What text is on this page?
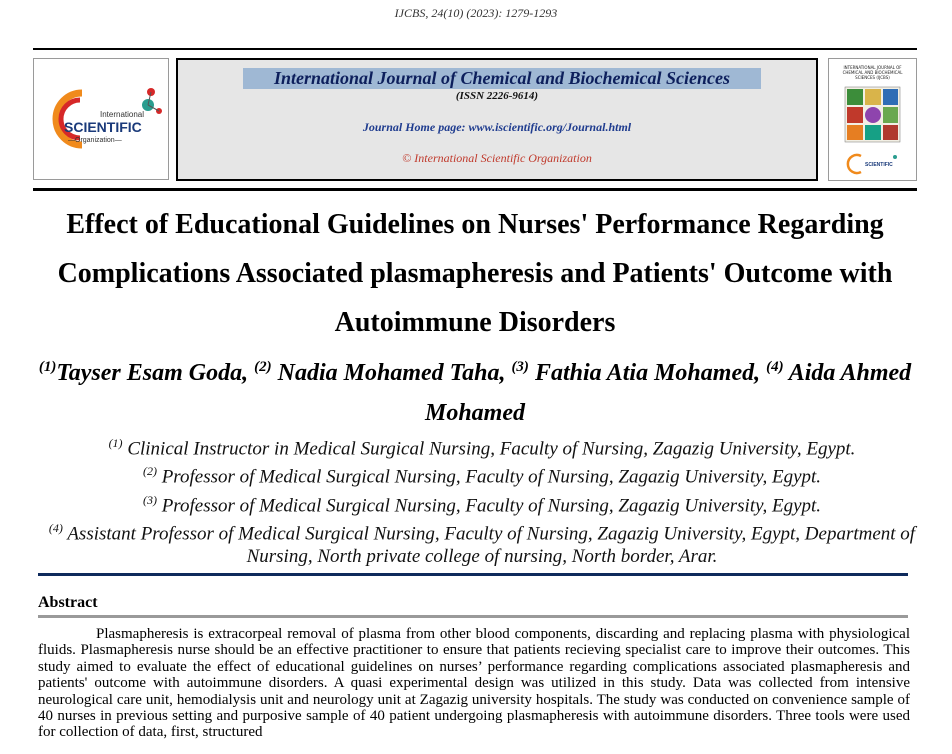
IJCBS, 24(10) (2023): 1279-1293
International
SCIENTIFIC
—Organization—
International Journal of Chemical and Biochemical Sciences
(ISSN 2226-9614)
Journal Home page: www.iscientific.org/Journal.html
© International Scientific Organization
INTERNATIONAL JOURNAL OF CHEMICAL AND BIOCHEMICAL SCIENCES (IJCBS)
SCIENTIFIC
Effect of Educational Guidelines on Nurses' Performance Regarding Complications Associated plasmapheresis and Patients' Outcome with Autoimmune Disorders
$^{(1)}$Tayser Esam Goda, $^{(2)}$ Nadia Mohamed Taha, $^{(3)}$ Fathia Atia Mohamed, $^{(4)}$ Aida Ahmed Mohamed
$^{(1)}$ Clinical Instructor in Medical Surgical Nursing, Faculty of Nursing, Zagazig University, Egypt.
$^{(2)}$ Professor of Medical Surgical Nursing, Faculty of Nursing, Zagazig University, Egypt.
$^{(3)}$ Professor of Medical Surgical Nursing, Faculty of Nursing, Zagazig University, Egypt.
$^{(4)}$ Assistant Professor of Medical Surgical Nursing, Faculty of Nursing, Zagazig University, Egypt, Department of Nursing, North private college of nursing, North border, Arar.
Abstract
Plasmapheresis is extracorpeal removal of plasma from other blood components, discarding and replacing plasma with physiological fluids. Plasmapheresis nurse should be an effective practitioner to ensure that patients recieving specialist care to improve their outcomes. This study aimed to evaluate the effect of educational guidelines on nurses’ performance regarding complications associated plasmapheresis and patients' outcome with autoimmune disorders. A quasi experimental design was utilized in this study. Data was collected from intensive neurological care unit, hemodialysis unit and neurology unit at Zagazig university hospitals. The study was conducted on convenience sample of 40 nurses in previous setting and purposive sample of 40 patient undergoing plasmapheresis with autoimmune disorders. Three tools were used for collection of data, first, structured
